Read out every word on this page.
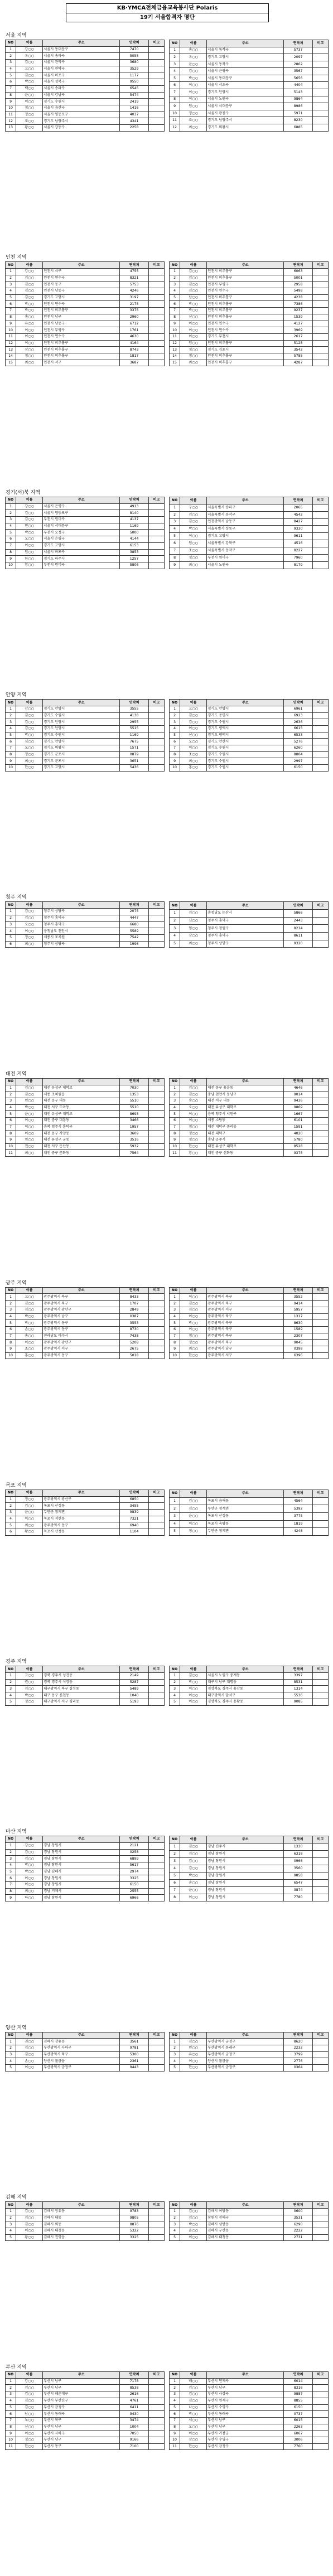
KB·YMCA전체금융교육봉사단 Polaris
19기 서울합격자 명단
서울 지역
NO	이름	주소	연락처	비고
1	강○○	서울시 동대문구	7470	
2	유○○	서울시 송파구	5055	
3	김○○	서울시 관악구	3680	
4	고○○	서울시 관악구	3529	
5	김○○	서울시 마포구	1177	
6	박○○	서울시 성북구	9550	
7	백○○	서울시 송파구	6545	
8	윤○○	서울시 강남구	5474	
9	이○○	경기도 수원시	2419	
10	정○○	서울시 용산구	1416	
11	정○○	서울시 영등포구	4037	
12	조○○	경기도 남양주시	4341	
13	황○○	서울시 강동구	2258	
NO	이름	주소	연락처	비고
1	송○○	서울시 동작구	5737	
2	유○○	경기도 고양시	2097	
3	윤○○	서울시 동작구	2862	
4	김○○	서울시 은평구	3567	
5	박○○	서울시 동대문구	5656	
6	이○○	서울시 서초구	4404	
7	이○○	경기도 안양시	5143	
8	이○○	서울시 노원구	9864	
9	임○○	서울시 서대문구	8986	
10	정○○	서울시 광진구	5971	
11	조○○	경기도 남양주시	8230	
12	최○○	경기도 의왕시	6885	
인천 지역
NO	이름	주소	연락처	비고
1	강○○	인천시 서구	4755	
2	김○○	인천시 연수구	8321	
3	김○○	인천시 동구	5753	
4	김○○	인천시 남동구	4246	
5	김○○	경기도 고양시	3197	
6	박○○	인천시 연수구	2175	
7	박○○	인천시 미추홀구	3375	
8	송○○	인천시 남구	2960	
9	유○○	인천시 남동구	6712	
10	이○○	인천시 부평구	1761	
11	이○○	인천시 연수구	4630	
12	이○○	인천시 미추홀구	4164	
13	장○○	인천시 미추홀구	8743	
14	정○○	인천시 미추홀구	1817	
15	최○○	인천시 서구	3687	
NO	이름	주소	연락처	비고
1	김○○	인천시 미추홀구	6063	
2	김○○	인천시 미추홀구	5001	
3	김○○	인천시 부평구	2958	
4	김○○	인천시 연수구	5498	
5	남○○	인천시 미추홀구	4238	
6	박○○	인천시 미추홀구	7386	
7	박○○	인천시 미추홀구	9237	
8	신○○	인천시 미추홀구	1539	
9	이○○	인천시 연수구	4127	
10	이○○	인천시 연수구	3969	
11	이○○	경기도 부천시	2617	
12	임○○	인천시 미추홀구	5128	
13	정○○	경기도 김포시	3542	
14	정○○	인천시 미추홀구	5785	
15	최○○	인천시 미추홀구	4287	
경기(서)북 지역
NO	이름	주소	연락처	비고
1	강○○	서울시 은평구	4913	
2	김○○	서울시 영등포구	8140	
3	김○○	부천시 원미구	4137	
4	민○○	서울시 서대문구	1169	
5	박○○	부천시 오정구	5000	
6	오○○	서울시 은평구	4144	
7	이○○	경기도 고양시	6153	
8	임○○	서울시 마포구	3853	
9	한○○	경기도 파주시	1257	
10	황○○	부천시 원미구	5806	
NO	이름	주소	연락처	비고
1	구○○	서울특별시 송파구	2065	
2	김○○	서울특별시 동작구	4542	
3	김○○	인천광역시 남동구	8427	
4	박○○	서울특별시 성동구	9330	
5	이○○	경기도 고양시	9611	
6	임○○	서울특별시 강북구	4516	
7	조○○	서울특별시 동작구	8227	
8	정○○	부천시 원미구	7960	
9	최○○	서울시 노원구	8179	
안양 지역
NO	이름	주소	연락처	비고
1	강○○	경기도 안양시	3555	
2	김○○	경기도 수원시	4138	
3	김○○	경기도 안양시	2955	
4	김○○	경기도 안양시	5515	
5	박○○	경기도 수원시	1169	
6	심○○	경기도 안양시	7675	
7	오○○	경기도 의왕시	1571	
8	정○○	경기도 군포시	0879	
9	최○○	경기도 군포시	3651	
10	한○○	경기도 고양시	5436	
NO	이름	주소	연락처	비고
1	고○○	경기도 안양시	6961	
2	김○○	경기도 용인시	6923	
3	김○○	경기도 수원시	2636	
4	이○○	경기도 평택시	6615	
5	신○○	경기도 평택시	6533	
6	오○○	경기도 안산시	5276	
7	이○○	경기도 수원시	6260	
8	조○○	경기도 수원시	8804	
9	최○○	경기도 수원시	2997	
10	홍○○	경기도 수원시	6150	
청주 지역
NO	이름	주소	연락처	비고
1	김○○	청주시 상당구	2075	
2	김○○	청주시 흥덕구	4447	
3	오○○	청주시 흥덕구	6680	
4	이○○	충청남도 천안시	5589	
5	정○○	세종시 조치원	7542	
6	최○○	청주시 상당구	1996	
NO	이름	주소	연락처	비고
1	김○○	충청남도 논산시	5866	
2	신○○	청주시 흥덕구	2443	
3	임○○	청주시 청원구	8214	
4	장○○	청주시 흥덕구	8611	
5	최○○	청주시 상당구	9320	
대전 지역
NO	이름	주소	연락처	비고
1	김○○	대전 유성구 대학로	7030	
2	김○○	세종 조치원읍	1353	
3	민○○	대전 동구 대동	5510	
4	박○○	대전 서구 도마동	5510	
5	윤○○	대전 유성구 대학로	8693	
6	이○○	대전 중구 대흥동	3466	
7	이○○	충북 청주시 흥덕구	1957	
8	이○○	대전 동구 가양동	3609	
9	임○○	대전 유성구 궁동	3516	
10	전○○	대전 서구 둔산동	5932	
11	최○○	대전 중구 문화동	7564	
NO	이름	주소	연락처	비고
1	김○○	대전 동구 용운동	4646	
2	김○○	충남 천안시 동남구	9014	
3	송○○	대전 서구 내동	9436	
4	오○○	대전 유성구 대학로	9869	
5	이○○	충북 청주시 서원구	1667	
6	이○○	세종 소담동	6101	
7	정○○	대전 대덕구 중리동	1591	
8	정○○	대전 대덕구	4020	
9	정○○	충남 공주시	5780	
10	한○○	대전 유성구 대학로	8528	
11	황○○	대전 중구 선화동	9375	
광주 지역
NO	이름	주소	연락처	비고
1	고○○	광주광역시 북구	8433	
2	김○○	광주광역시 북구	1707	
3	김○○	광주광역시 광산구	2849	
4	박○○	광주광역시 남구	0387	
5	박○○	광주광역시 동구	3553	
6	손○○	광주광역시 동구	8730	
7	송○○	전라남도 여수시	7438	
8	이○○	광주광역시 광산구	5208	
9	조○○	광주광역시 서구	2675	
10	홍○○	광주광역시 동구	5018	
NO	이름	주소	연락처	비고
1	이○○	광주광역시 북구	3552	
2	김○○	광주광역시 북구	9414	
3	김○○	광주광역시 서구	5957	
4	이○○	광주광역시 북구	1317	
5	박○○	광주광역시 북구	8630	
6	이○○	광주광역시 북구	1589	
7	정○○	광주광역시 북구	2307	
8	정○○	광주광역시 북구	9045	
9	최○○	광주광역시 남구	0398	
10	한○○	광주광역시 서구	6396	
목포 지역
NO	이름	주소	연락처	비고
1	정○○	광주광역시 광산구	6850	
2	김○○	목포시 산정동	3455	
3	윤○○	무안군 청계면	9839	
4	이○○	목포시 석현동	7321	
5	최○○	광주광역시 동구	6940	
6	황○○	목포시 산정동	1104	
NO	이름	주소	연락처	비고
1	김○○	목포시 용해동	4564	
2	김○○	무안군 청계면	5392	
3	윤○○	목포시 산정동	3775	
4	이○○	목포시 옥암동	1819	
5	정○○	무안군 청계면	4248	
경주 지역
NO	이름	주소	연락처	비고
1	고○○	경북 경주시 성건동	2149	
2	권○○	경북 경주시 석장동	5287	
3	김○○	대구광역시 북구 칠성동	5489	
4	박○○	대구 동구 신천동	1040	
5	정○○	대구광역시 서구 평리동	5193	
NO	이름	주소	연락처	비고
1	김○○	서울시 노원구 중계동	3397	
2	박○○	대구시 남구 대명동	8531	
3	이○○	경상북도 경주시 용강동	1314	
4	이○○	대구광역시 달서구	5536	
5	이○○	경상북도 경주시 용황동	9085	
마산 지역
NO	이름	주소	연락처	비고
1	강○○	경남 창원시	2121	
2	김○○	경남 창원시	0258	
3	김○○	경남 창원시	6899	
4	박○○	경남 창원시	5617	
5	박○○	경남 김해시	2974	
6	이○○	경남 창원시	3325	
7	이○○	경남 창원시	6150	
8	최○○	경남 거제시	2555	
9	하○○	경남 창원시	6966	
NO	이름	주소	연락처	비고
1	김○○	경남 진주시	1330	
2	김○○	경남 창원시	6318	
3	김○○	경남 창원시	0966	
4	김○○	경남 창원시	3560	
5	박○○	경남 창원시	9858	
6	손○○	경남 창원시	6547	
7	윤○○	경남 창원시	3874	
8	이○○	경남 창원시	7780	
양산 지역
NO	이름	주소	연락처	비고
1	권○○	김해시 장유동	3561	
2	김○○	부산광역시 사하구	9781	
3	김○○	부산광역시 북구	5300	
4	손○○	양산시 물금읍	2361	
5	이○○	부산광역시 금정구	9443	
NO	이름	주소	연락처	비고
1	김○○	부산광역시 금정구	8620	
2	민○○	부산광역시 동래구	2232	
3	유○○	부산광역시 금정구	3799	
4	이○○	양산시 물금읍	2776	
5	한○○	부산광역시 금정구	0364	
김해 지역
NO	이름	주소	연락처	비고
1	김○○	김해시 장유동	9783	
2	김○○	김해시 내동	9805	
3	김○○	김해시 외동	8876	
4	이○○	김해시 대청동	5322	
5	황○○	김해시 진영읍	3325	
NO	이름	주소	연락처	비고
1	김○○	김해시 어방동	0600	
2	김○○	창원시 진해구	3531	
3	박○○	김해시 삼방동	6290	
4	윤○○	김해시 구산동	2222	
5	이○○	김해시 대청동	2731	
부산 지역
NO	이름	주소	연락처	비고
1	강○○	부산시 남구	7178	
2	김○○	부산시 남구	8538	
3	김○○	부산시 해운대구	2616	
4	김○○	부산시 부산진구	4761	
5	김○○	부산시 금정구	6411	
6	남○○	부산시 동래구	9430	
7	노○○	부산시 북구	3474	
8	신○○	부산시 남구	1004	
9	이○○	부산시 사하구	7050	
10	정○○	부산시 남구	9166	
11	한○○	부산시 동구	7100	
NO	이름	주소	연락처	비고
1	배○○	부산시 연제구	6014	
2	김○○	부산시 남구	8316	
3	김○○	부산시 사상구	9887	
4	김○○	부산시 연제구	8855	
5	나○○	부산시 수영구	6150	
6	박○○	부산시 동래구	0737	
7	서○○	부산시 남구	6015	
8	오○○	부산시 남구	2263	
9	이○○	부산시 기장군	6067	
10	장○○	부산시 수영구	3006	
11	한○○	부산시 금정구	7760	
